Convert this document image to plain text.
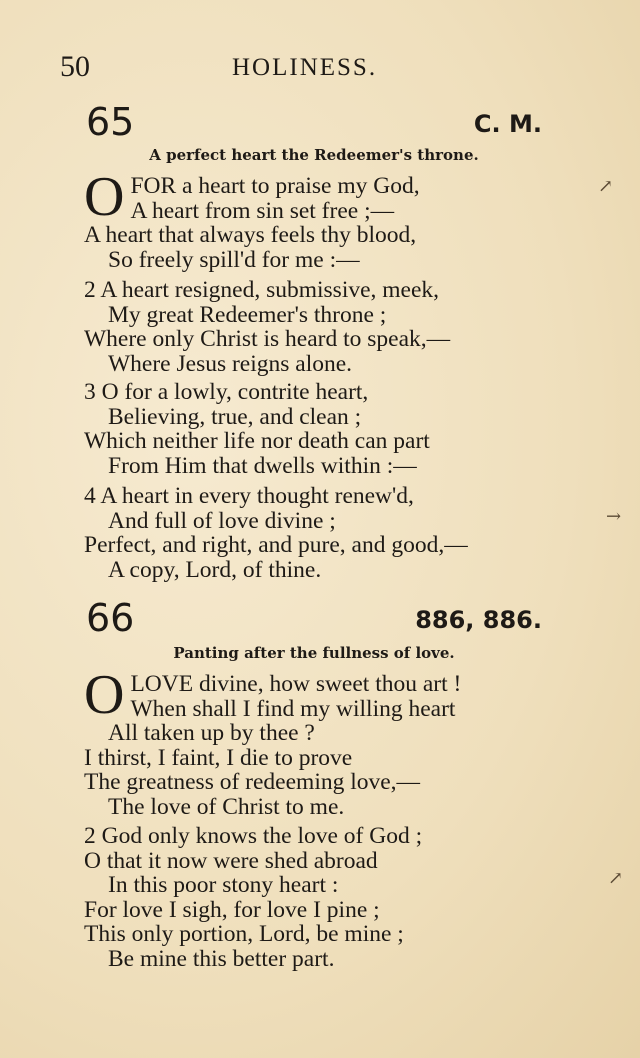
50	HOLINESS.
65	C. M.
A perfect heart the Redeemer's throne.
O FOR a heart to praise my God,
A heart from sin set free ;—
A heart that always feels thy blood,
So freely spill'd for me :—
2 A heart resigned, submissive, meek,
My great Redeemer's throne ;
Where only Christ is heard to speak,—
Where Jesus reigns alone.
3 O for a lowly, contrite heart,
Believing, true, and clean ;
Which neither life nor death can part
From Him that dwells within :—
4 A heart in every thought renew'd,
And full of love divine ;
Perfect, and right, and pure, and good,—
A copy, Lord, of thine.
66	886, 886.
Panting after the fullness of love.
O LOVE divine, how sweet thou art !
When shall I find my willing heart
All taken up by thee ?
I thirst, I faint, I die to prove
The greatness of redeeming love,—
The love of Christ to me.
2 God only knows the love of God ;
O that it now were shed abroad
In this poor stony heart :
For love I sigh, for love I pine ;
This only portion, Lord, be mine ;
Be mine this better part.
↗
→
↗
